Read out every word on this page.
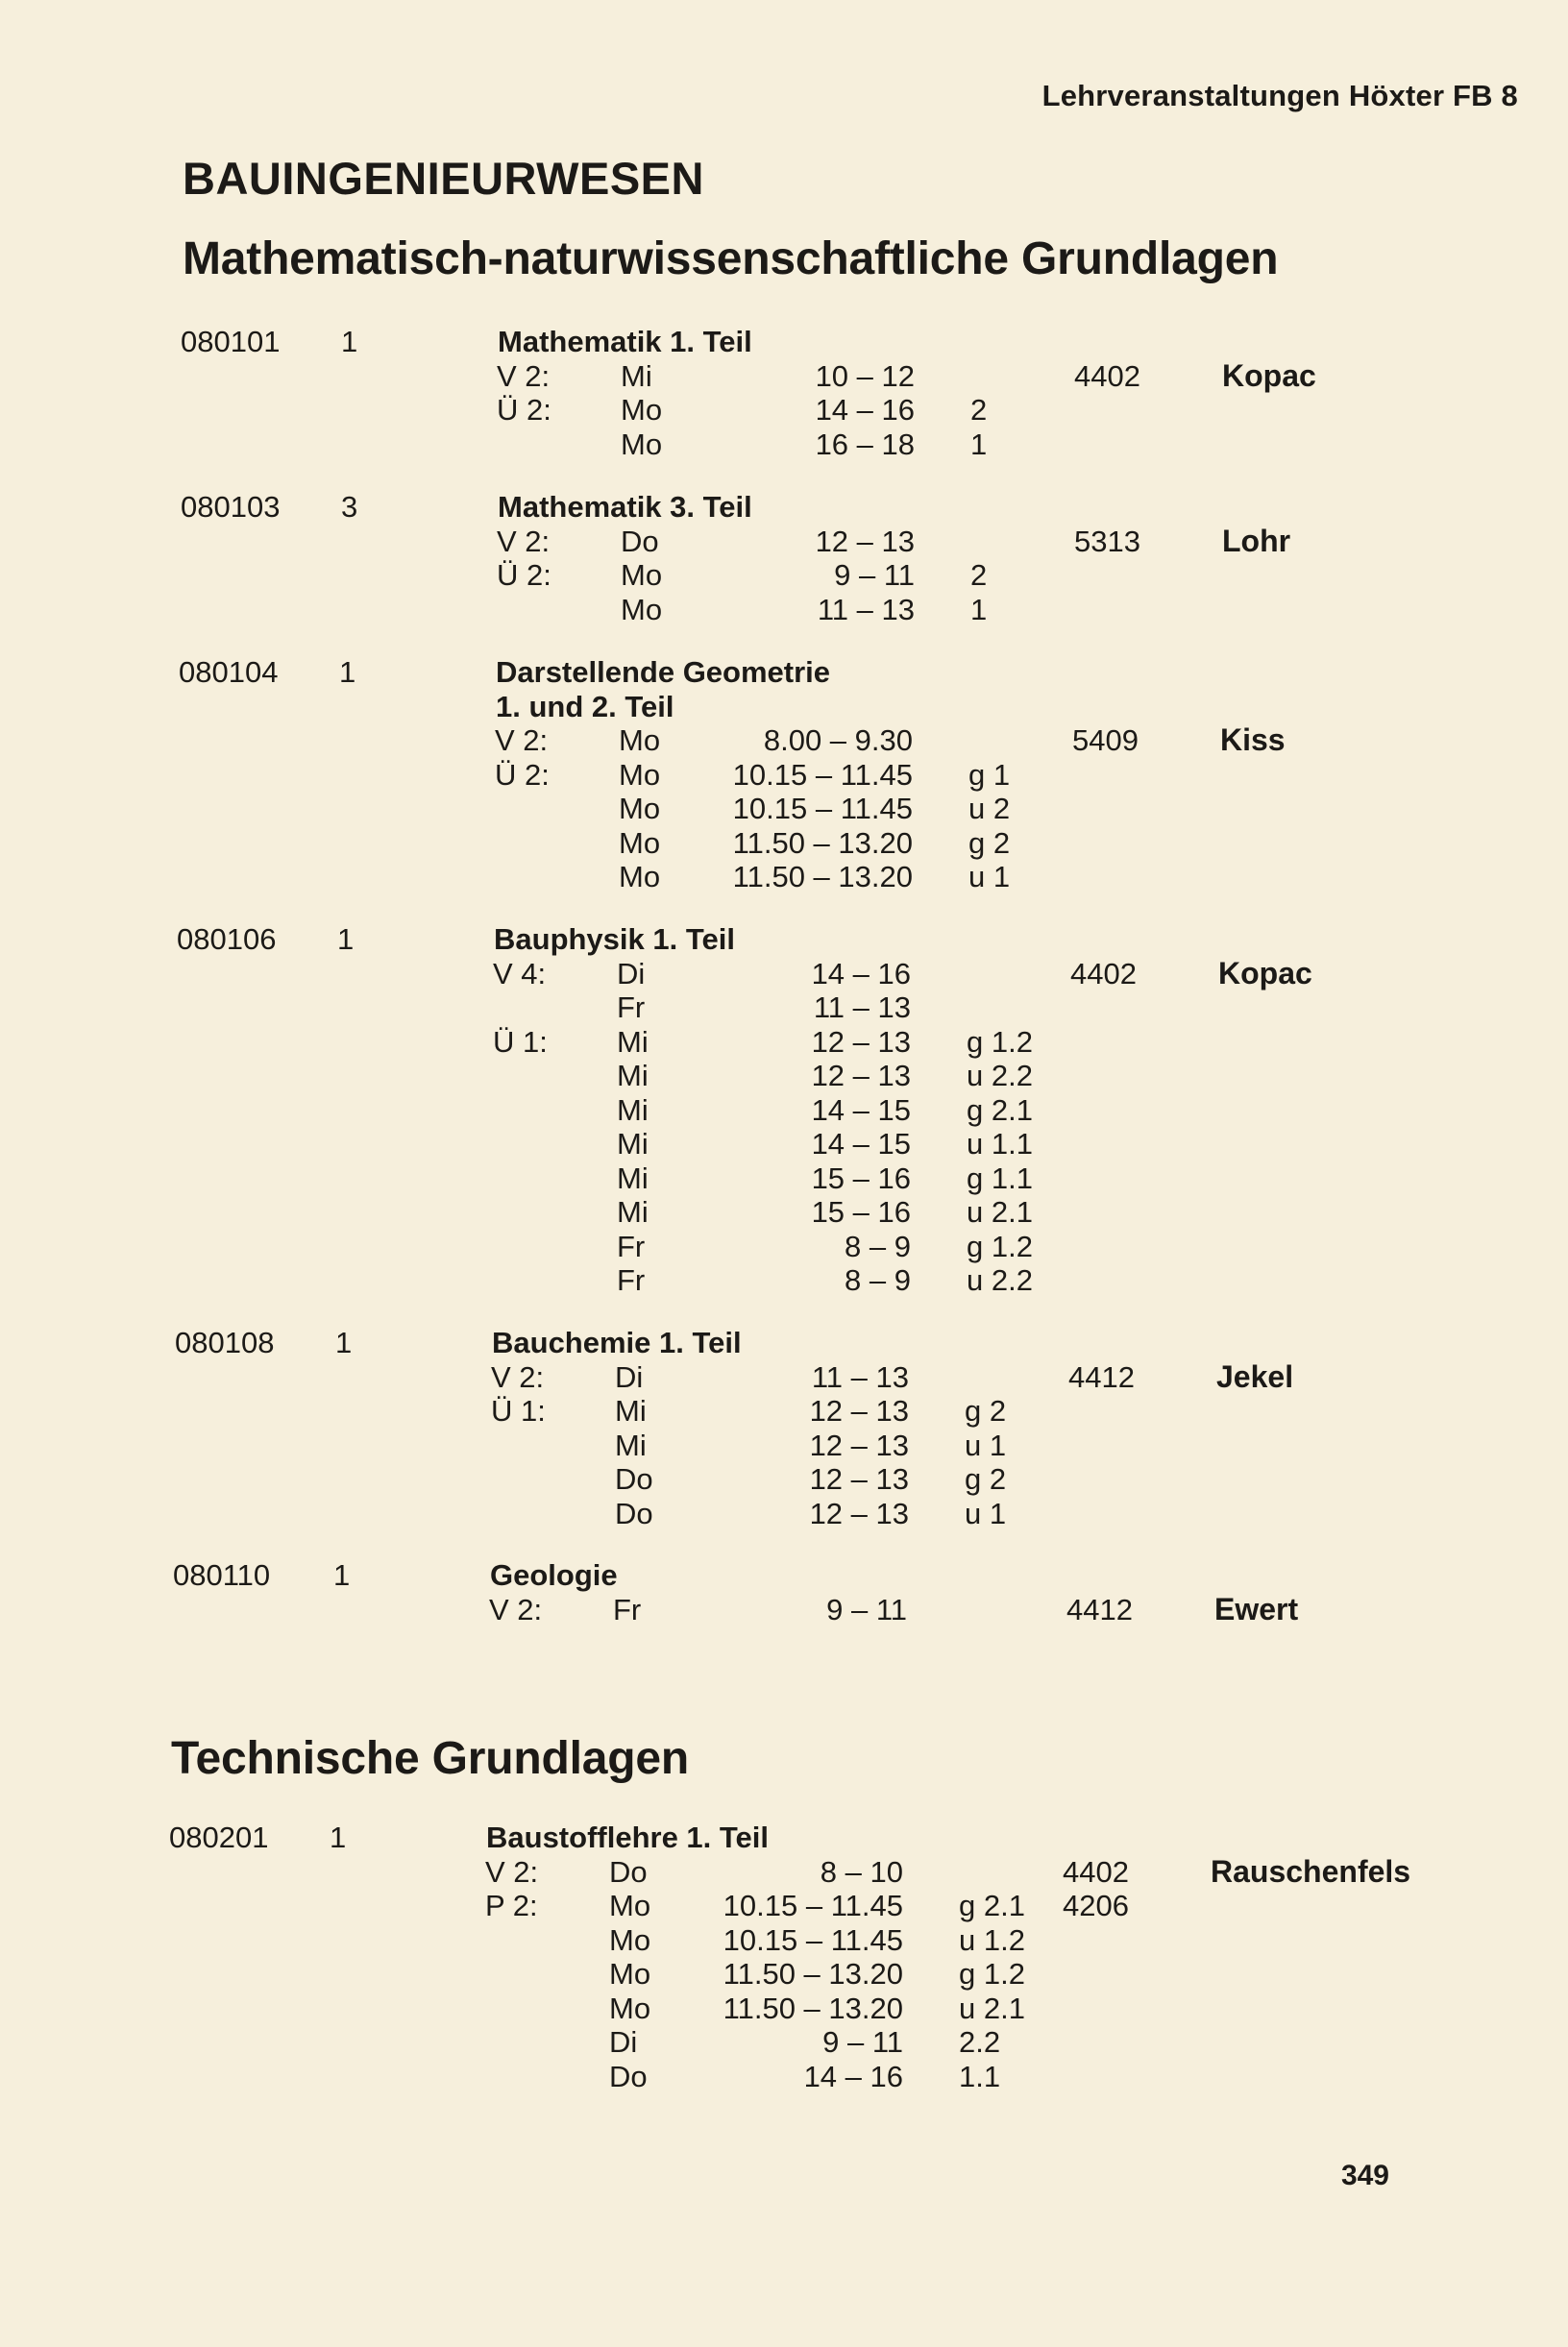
Lehrveranstaltungen Höxter FB 8
BAUINGENIEURWESEN
Mathematisch-naturwissenschaftliche Grundlagen
080101 1	Mathematik 1. Teil
V 2: Mi	10 – 12	4402	Kopac
Ü 2: Mo	14 – 16 2
Mo	16 – 18 1
080103 3	Mathematik 3. Teil
V 2: Do	12 – 13	5313	Lohr
Ü 2: Mo	9 – 11 2
Mo	11 – 13 1
080104 1	Darstellende Geometrie
1. und 2. Teil
V 2: Mo	8.00 – 9.30	5409	Kiss
Ü 2: Mo	10.15 – 11.45 g 1
Mo	10.15 – 11.45 u 2
Mo	11.50 – 13.20 g 2
Mo	11.50 – 13.20 u 1
080106 1	Bauphysik 1. Teil
V 4: Di	14 – 16	4402	Kopac
Fr	11 – 13
Ü 1: Mi	12 – 13 g 1.2
Mi	12 – 13 u 2.2
Mi	14 – 15 g 2.1
Mi	14 – 15 u 1.1
Mi	15 – 16 g 1.1
Mi	15 – 16 u 2.1
Fr	8 – 9 g 1.2
Fr	8 – 9 u 2.2
080108 1	Bauchemie 1. Teil
V 2: Di	11 – 13	4412	Jekel
Ü 1: Mi	12 – 13 g 2
Mi	12 – 13 u 1
Do	12 – 13 g 2
Do	12 – 13 u 1
080110 1	Geologie
V 2: Fr	9 – 11	4412	Ewert
Technische Grundlagen
080201 1	Baustofflehre 1. Teil
V 2: Do	8 – 10	4402	Rauschenfels
P 2: Mo	10.15 – 11.45 g 2.1 4206
Mo	10.15 – 11.45 u 1.2
Mo	11.50 – 13.20 g 1.2
Mo	11.50 – 13.20 u 2.1
Di	9 – 11 2.2
Do	14 – 16 1.1
349
